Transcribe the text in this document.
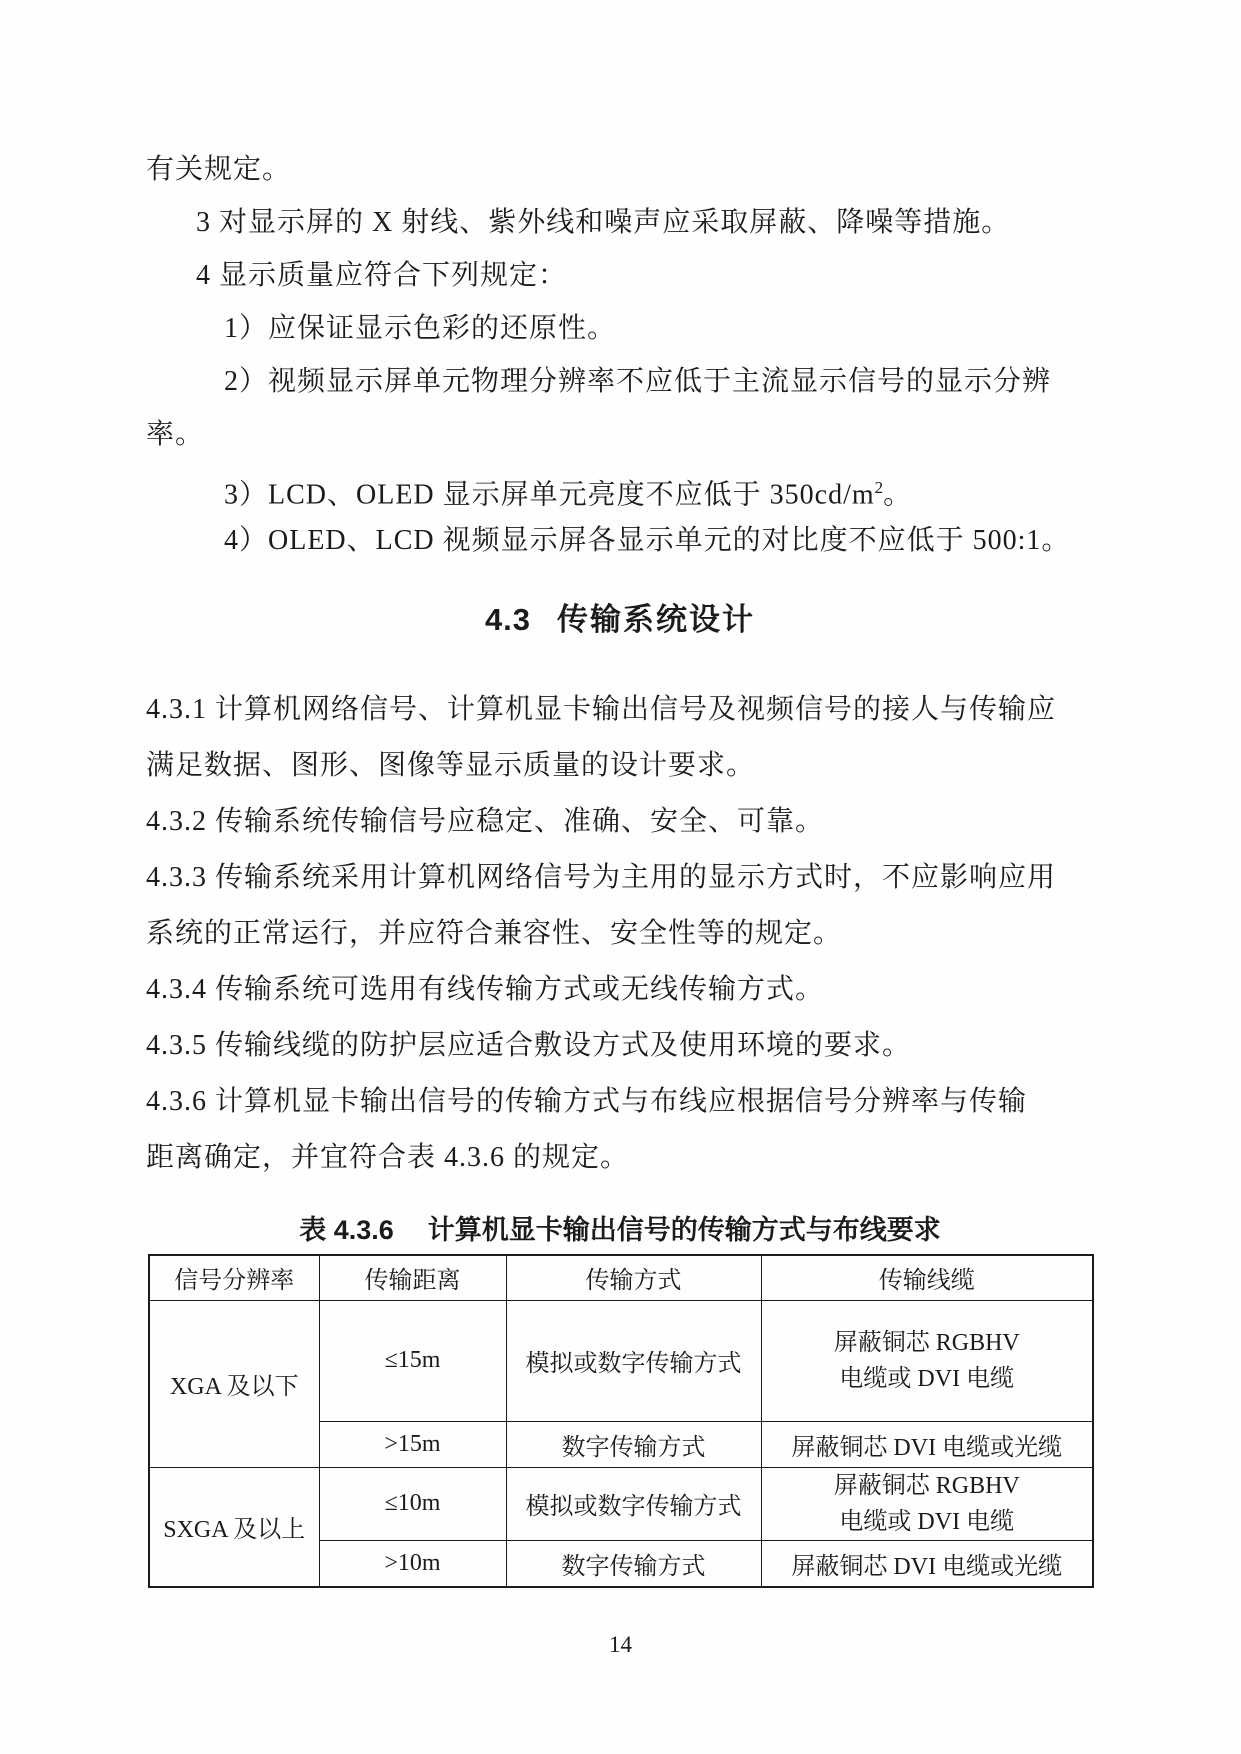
有关规定。

3 对显示屏的 X 射线、紫外线和噪声应采取屏蔽、降噪等措施。

4 显示质量应符合下列规定：

1）应保证显示色彩的还原性。

2）视频显示屏单元物理分辨率不应低于主流显示信号的显示分辨

率。

3）LCD、OLED 显示屏单元亮度不应低于 $350cd/m^2$。

4）OLED、LCD 视频显示屏各显示单元的对比度不应低于 500:1。

4.3 传输系统设计

4.3.1 计算机网络信号、计算机显卡输出信号及视频信号的接人与传输应

满足数据、图形、图像等显示质量的设计要求。

4.3.2 传输系统传输信号应稳定、准确、安全、可靠。

4.3.3 传输系统采用计算机网络信号为主用的显示方式时，不应影响应用

系统的正常运行，并应符合兼容性、安全性等的规定。

4.3.4 传输系统可选用有线传输方式或无线传输方式。

4.3.5 传输线缆的防护层应适合敷设方式及使用环境的要求。

4.3.6 计算机显卡输出信号的传输方式与布线应根据信号分辨率与传输

距离确定，并宜符合表 4.3.6 的规定。

表 4.3.6 计算机显卡输出信号的传输方式与布线要求
信号分辨率	传输距离	传输方式	传输线缆
XGA 及以下	≤15m	模拟或数字传输方式	屏蔽铜芯 RGBHV
电缆或 DVI 电缆

	>15m	数字传输方式	屏蔽铜芯 DVI 电缆或光缆
SXGA 及以上	≤10m	模拟或数字传输方式	屏蔽铜芯 RGBHV
电缆或 DVI 电缆

	>10m	数字传输方式	屏蔽铜芯 DVI 电缆或光缆
14
